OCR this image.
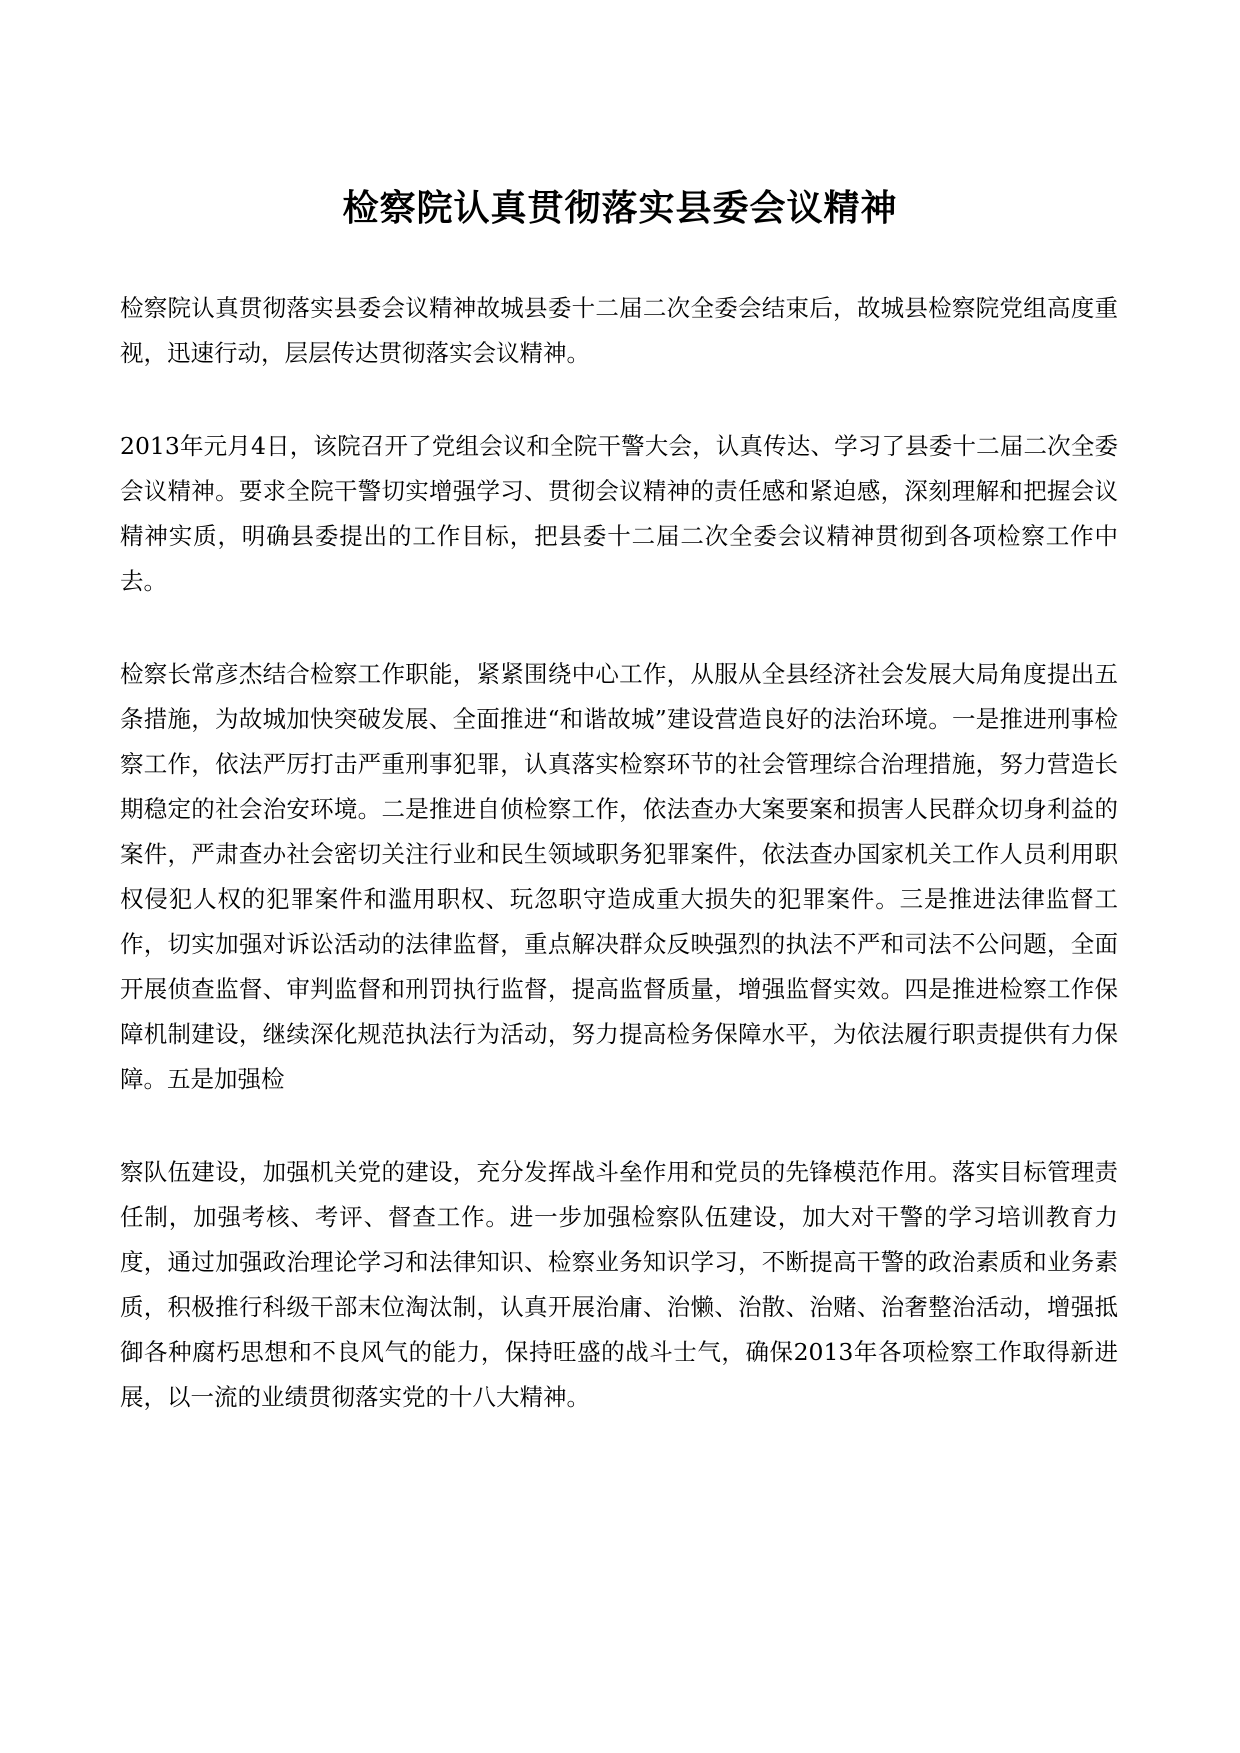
检察院认真贯彻落实县委会议精神

检察院认真贯彻落实县委会议精神故城县委十二届二次全委会结束后，故城县检察院党组高度重视，迅速行动，层层传达贯彻落实会议精神。

2013年元月4日，该院召开了党组会议和全院干警大会，认真传达、学习了县委十二届二次全委会议精神。要求全院干警切实增强学习、贯彻会议精神的责任感和紧迫感，深刻理解和把握会议精神实质，明确县委提出的工作目标，把县委十二届二次全委会议精神贯彻到各项检察工作中去。

检察长常彦杰结合检察工作职能，紧紧围绕中心工作，从服从全县经济社会发展大局角度提出五条措施，为故城加快突破发展、全面推进“和谐故城”建设营造良好的法治环境。一是推进刑事检察工作，依法严厉打击严重刑事犯罪，认真落实检察环节的社会管理综合治理措施，努力营造长期稳定的社会治安环境。二是推进自侦检察工作，依法查办大案要案和损害人民群众切身利益的案件，严肃查办社会密切关注行业和民生领域职务犯罪案件，依法查办国家机关工作人员利用职权侵犯人权的犯罪案件和滥用职权、玩忽职守造成重大损失的犯罪案件。三是推进法律监督工作，切实加强对诉讼活动的法律监督，重点解决群众反映强烈的执法不严和司法不公问题，全面开展侦查监督、审判监督和刑罚执行监督，提高监督质量，增强监督实效。四是推进检察工作保障机制建设，继续深化规范执法行为活动，努力提高检务保障水平，为依法履行职责提供有力保障。五是加强检

察队伍建设，加强机关党的建设，充分发挥战斗垒作用和党员的先锋模范作用。落实目标管理责任制，加强考核、考评、督查工作。进一步加强检察队伍建设，加大对干警的学习培训教育力度，通过加强政治理论学习和法律知识、检察业务知识学习，不断提高干警的政治素质和业务素质，积极推行科级干部末位淘汰制，认真开展治庸、治懒、治散、治赌、治奢整治活动，增强抵御各种腐朽思想和不良风气的能力，保持旺盛的战斗士气，确保2013年各项检察工作取得新进展，以一流的业绩贯彻落实党的十八大精神。
